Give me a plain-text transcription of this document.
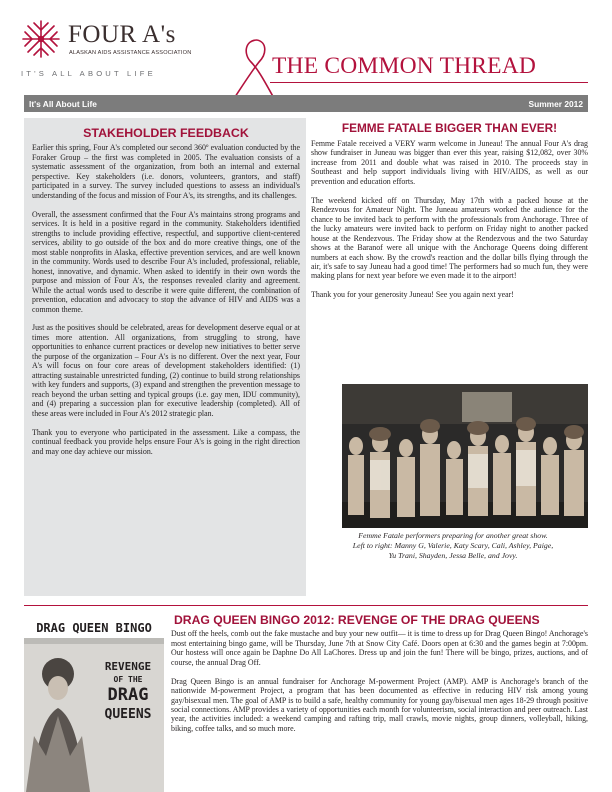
FOUR A's
ALASKAN AIDS ASSISTANCE ASSOCIATION
IT'S ALL ABOUT LIFE	THE COMMON THREAD
It's All About Life	Summer 2012
STAKEHOLDER FEEDBACK

Earlier this spring, Four A's completed our second 360º evaluation conducted by the Foraker Group – the first was completed in 2005. The evaluation consists of a systematic assessment of the organization, from both an internal and external perspective. Key stakeholders (i.e. donors, volunteers, grantors, and staff) participated in a survey. The survey included questions to assess an individual's understanding of the focus and mission of Four A's, its strengths, and its challenges.

Overall, the assessment confirmed that the Four A's maintains strong programs and services. It is held in a positive regard in the community. Stakeholders identified strengths to include providing effective, respectful, and supportive client-centered services, ability to go outside of the box and do more creative things, one of the most stable nonprofits in Alaska, effective prevention services, and are well known in the community. Words used to describe Four A's included, professional, reliable, honest, innovative, and dynamic. When asked to identify in their own words the purpose and mission of Four A's, the responses revealed clarity and agreement. While the actual words used to describe it were quite different, the combination of prevention, education and advocacy to stop the advance of HIV and AIDS was a common theme.

Just as the positives should be celebrated, areas for development deserve equal or at times more attention. All organizations, from struggling to strong, have opportunities to enhance current practices or develop new initiatives to better serve the purpose of the organization – Four A's is no different. Over the next year, Four A's will focus on four core areas of development stakeholders identified: (1) attracting sustainable unrestricted funding, (2) continue to build strong relationships with key funders and supports, (3) expand and strengthen the prevention message to reach beyond the urban setting and typical groups (i.e. gay men, IDU community), and (4) preparing a succession plan for executive leadership (completed). All of these areas were included in Four A's 2012 strategic plan.

Thank you to everyone who participated in the assessment. Like a compass, the continual feedback you provide helps ensure Four A's is going in the right direction and may one day achieve our mission.

FEMME FATALE BIGGER THAN EVER!

Femme Fatale received a VERY warm welcome in Juneau! The annual Four A's drag show fundraiser in Juneau was bigger than ever this year, raising $12,082, over 30% increase from 2011 and double what was raised in 2010. The proceeds stay in Southeast and help support individuals living with HIV/AIDS, as well as our prevention and education efforts.

The weekend kicked off on Thursday, May 17th with a packed house at the Rendezvous for Amateur Night. The Juneau amateurs worked the audience for the chance to be invited back to perform with the professionals from Anchorage. Three of the lucky amateurs were invited back to perform on Friday night to another packed house at the Rendezvous. The Friday show at the Rendezvous and the two Saturday shows at the Baranof were all unique with the Anchorage Queens doing different numbers at each show. By the crowd's reaction and the dollar bills flying through the air, it's safe to say Juneau had a good time! The performers had so much fun, they were making plans for next year before we even made it to the airport!

Thank you for your generosity Juneau! See you again next year!

Femme Fatale performers preparing for another great show.
Left to right: Manny G, Valerie, Katy Scary, Cali, Ashley, Paige,
Yu Trani, Shayden, Jessa Belle, and Jovy.
DRAG QUEEN BINGO
REVENGE
OF THE
DRAG
QUEENS
DRAG QUEEN BINGO 2012: REVENGE OF THE DRAG QUEENS

Dust off the heels, comb out the fake mustache and buy your new outfit— it is time to dress up for Drag Queen Bingo! Anchorage's most entertaining bingo game, will be Thursday, June 7th at Snow City Café. Doors open at 6:30 and the games begin at 7:00pm. Our hostess will once again be Daphne Do All LaChores. Dress up and join the fun! There will be bingo, prizes, auctions, and of course, the annual Drag Off.

Drag Queen Bingo is an annual fundraiser for Anchorage M-powerment Project (AMP). AMP is Anchorage's branch of the nationwide M-powerment Project, a program that has been documented as effective in reducing HIV risk among young gay/bisexual men. The goal of AMP is to build a safe, healthy community for young gay/bisexual men ages 18-29 through positive social connections. AMP provides a variety of opportunities each month for volunteerism, social interaction and peer outreach. Last year, the activities included: a weekend camping and rafting trip, mall crawls, movie nights, group dinners, volleyball, hiking, biking, coffee talks, and so much more.
